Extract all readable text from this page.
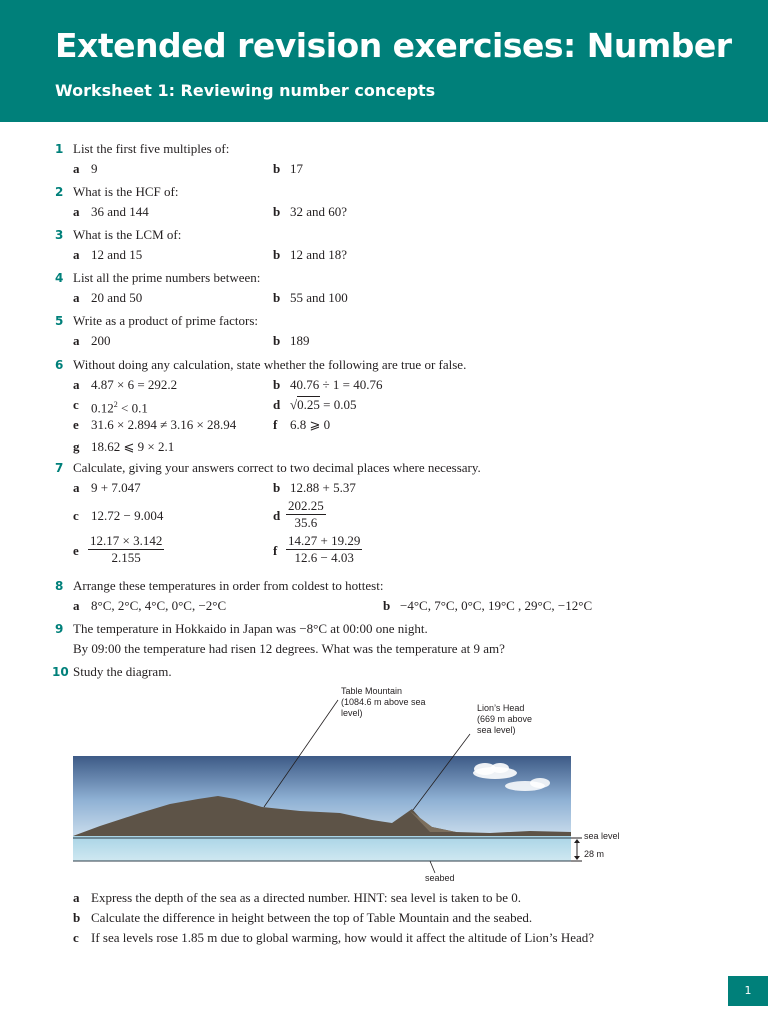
Extended revision exercises: Number
Worksheet 1: Reviewing number concepts
1 List the first five multiples of:
a 9	b 17
2 What is the HCF of:
a 36 and 144	b 32 and 60?
3 What is the LCM of:
a 12 and 15	b 12 and 18?
4 List all the prime numbers between:
a 20 and 50	b 55 and 100
5 Write as a product of prime factors:
a 200	b 189
6 Without doing any calculation, state whether the following are true or false.
a 4.87 × 6 = 292.2	b 40.76 ÷ 1 = 40.76
c $0.12^2 < 0.1$	d √0.25 = 0.05
e 31.6 × 2.894 ≠ 3.16 × 28.94	f 6.8 ⩾ 0
g 18.62 ⩽ 9 × 2.1
7 Calculate, giving your answers correct to two decimal places where necessary.
a 9 + 7.047	b 12.88 + 5.37
c 12.72 − 9.004	d $\frac{202.25}{35.6}$
e $\frac{12.17 \times 3.142}{2.155}$	f $\frac{14.27 + 19.29}{12.6 - 4.03}$
8 Arrange these temperatures in order from coldest to hottest:
a 8°C, 2°C, 4°C, 0°C, −2°C	b −4°C, 7°C, 0°C, 19°C , 29°C, −12°C
9 The temperature in Hokkaido in Japan was −8°C at 00:00 one night.
By 09:00 the temperature had risen 12 degrees. What was the temperature at 9 am?
10 Study the diagram.
Table Mountain
(1084.6 m above sea
level)	Lion’s Head
(669 m above
sea level)
sea level
28 m
seabed
a Express the depth of the sea as a directed number. HINT: sea level is taken to be 0.
b Calculate the difference in height between the top of Table Mountain and the seabed.
c If sea levels rose 1.85 m due to global warming, how would it affect the altitude of Lion’s Head?
1
